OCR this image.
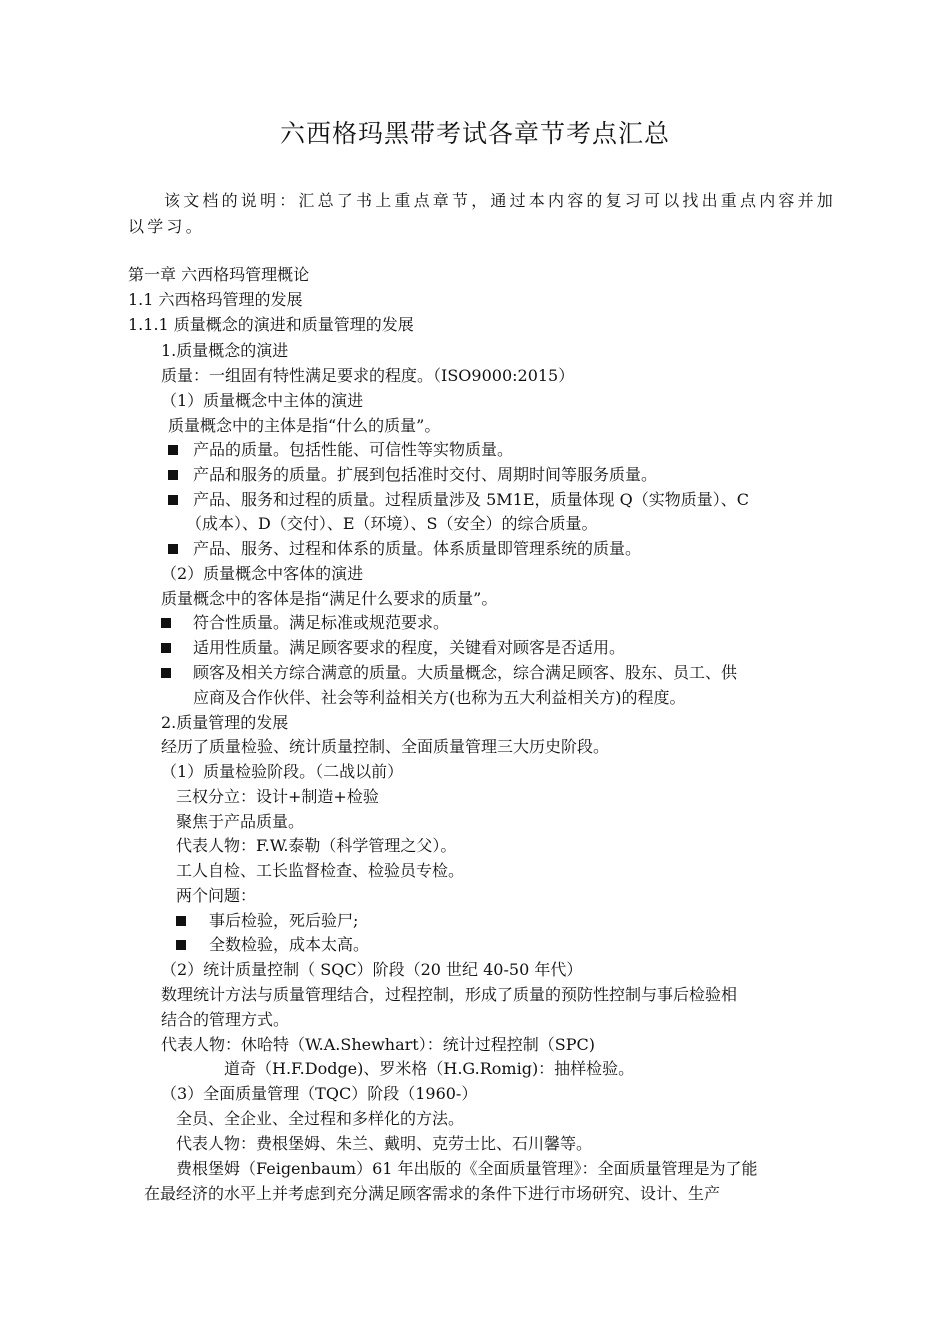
六西格玛黑带考试各章节考点汇总
该文档的说明：汇总了书上重点章节，通过本内容的复习可以找出重点内容并加以学习。
第一章 六西格玛管理概论
1.1 六西格玛管理的发展
1.1.1 质量概念的演进和质量管理的发展
1.质量概念的演进
质量：一组固有特性满足要求的程度。（ISO9000:2015）
（1）质量概念中主体的演进
质量概念中的主体是指“什么的质量”。
产品的质量。包括性能、可信性等实物质量。
产品和服务的质量。扩展到包括准时交付、周期时间等服务质量。
产品、服务和过程的质量。过程质量涉及 5M1E，质量体现 Q（实物质量）、C
（成本）、D（交付）、E（环境）、S（安全）的综合质量。
产品、服务、过程和体系的质量。体系质量即管理系统的质量。
（2）质量概念中客体的演进
质量概念中的客体是指“满足什么要求的质量”。
符合性质量。满足标准或规范要求。
适用性质量。满足顾客要求的程度，关键看对顾客是否适用。
顾客及相关方综合满意的质量。大质量概念，综合满足顾客、股东、员工、供
应商及合作伙伴、社会等利益相关方(也称为五大利益相关方)的程度。
2.质量管理的发展
经历了质量检验、统计质量控制、全面质量管理三大历史阶段。
（1）质量检验阶段。（二战以前）
三权分立：设计+制造+检验
聚焦于产品质量。
代表人物：F.W.泰勒（科学管理之父）。
工人自检、工长监督检查、检验员专检。
两个问题：
事后检验，死后验尸;
全数检验，成本太高。
（2）统计质量控制（ SQC）阶段（20 世纪 40-50 年代）
数理统计方法与质量管理结合，过程控制，形成了质量的预防性控制与事后检验相
结合的管理方式。
代表人物：休哈特（W.A.Shewhart）：统计过程控制（SPC)
道奇（H.F.Dodge)、罗米格（H.G.Romig)：抽样检验。
（3）全面质量管理（TQC）阶段（1960-）
全员、全企业、全过程和多样化的方法。
代表人物：费根堡姆、朱兰、戴明、克劳士比、石川馨等。
费根堡姆（Feigenbaum）61 年出版的《全面质量管理》：全面质量管理是为了能
在最经济的水平上并考虑到充分满足顾客需求的条件下进行市场研究、设计、生产
